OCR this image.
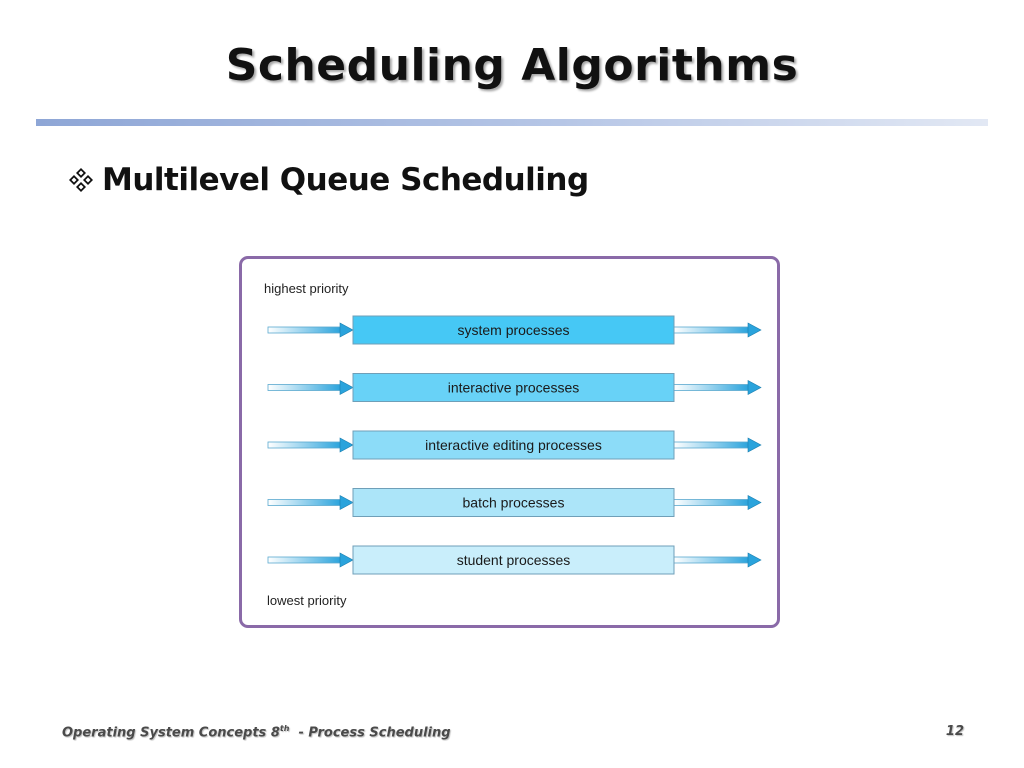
Scheduling Algorithms
Multilevel Queue Scheduling
highest priority
system processes
interactive processes
interactive editing processes
batch processes
student processes
lowest priority
Operating System Concepts 8th  - Process Scheduling	12
